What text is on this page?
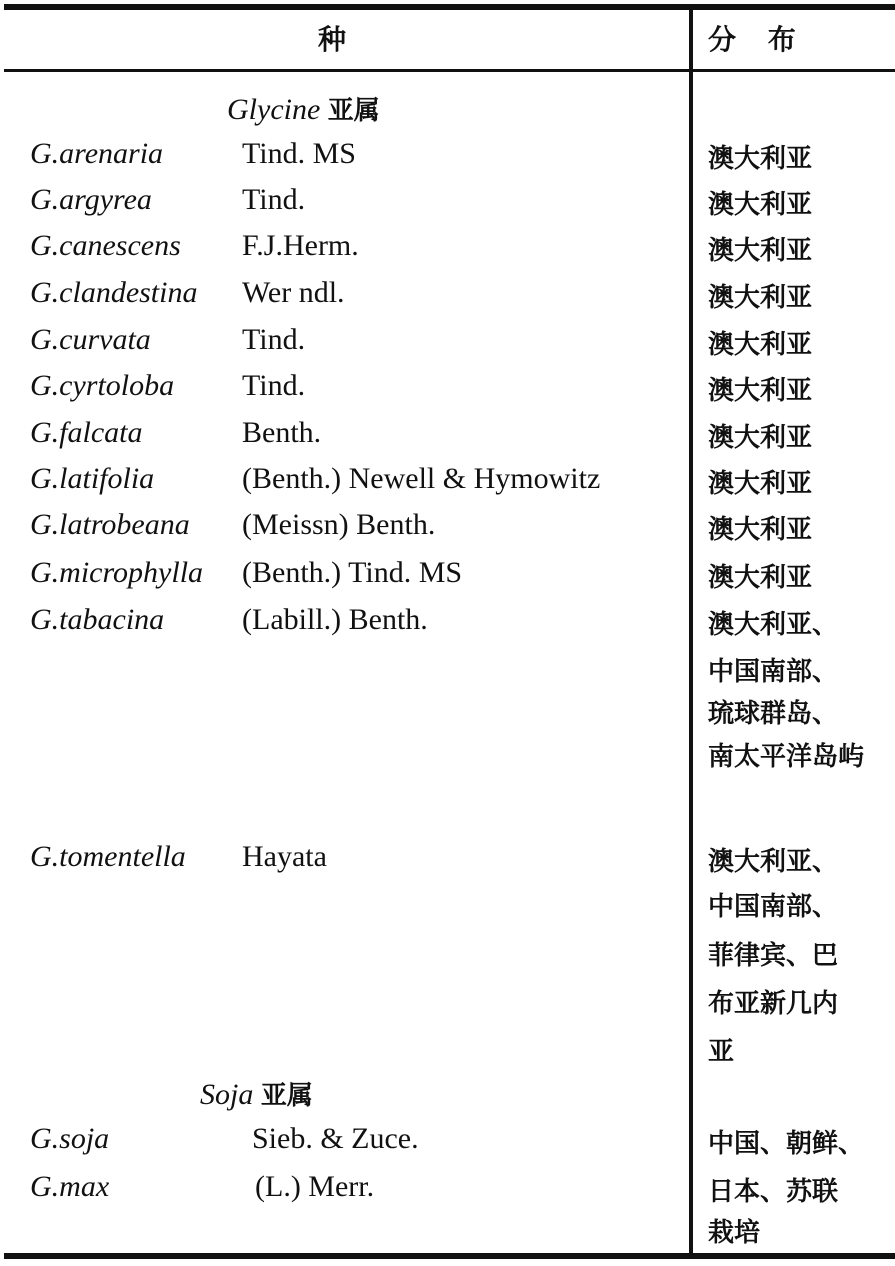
种	分 布
Glycine 亚属
G.arenaria	Tind. MS	澳大利亚
G.argyrea	Tind.	澳大利亚
G.canescens F.J.Herm.	澳大利亚
G.clandestina Wer ndl.	澳大利亚
G.curvata	Tind.	澳大利亚
G.cyrtoloba Tind.	澳大利亚
G.falcata	Benth.	澳大利亚
G.latifolia	(Benth.) Newell & Hymowitz	澳大利亚
G.latrobeana (Meissn) Benth.	澳大利亚
G.microphylla (Benth.) Tind. MS	澳大利亚
G.tabacina	(Labill.) Benth.	澳大利亚、
中国南部、
琉球群岛、
南太平洋岛屿
G.tomentella Hayata	澳大利亚、
中国南部、
菲律宾、巴
布亚新几内
亚
Soja 亚属
G.soja	Sieb. & Zuce.	中国、朝鲜、
G.max	(L.) Merr.	日本、苏联
栽培
